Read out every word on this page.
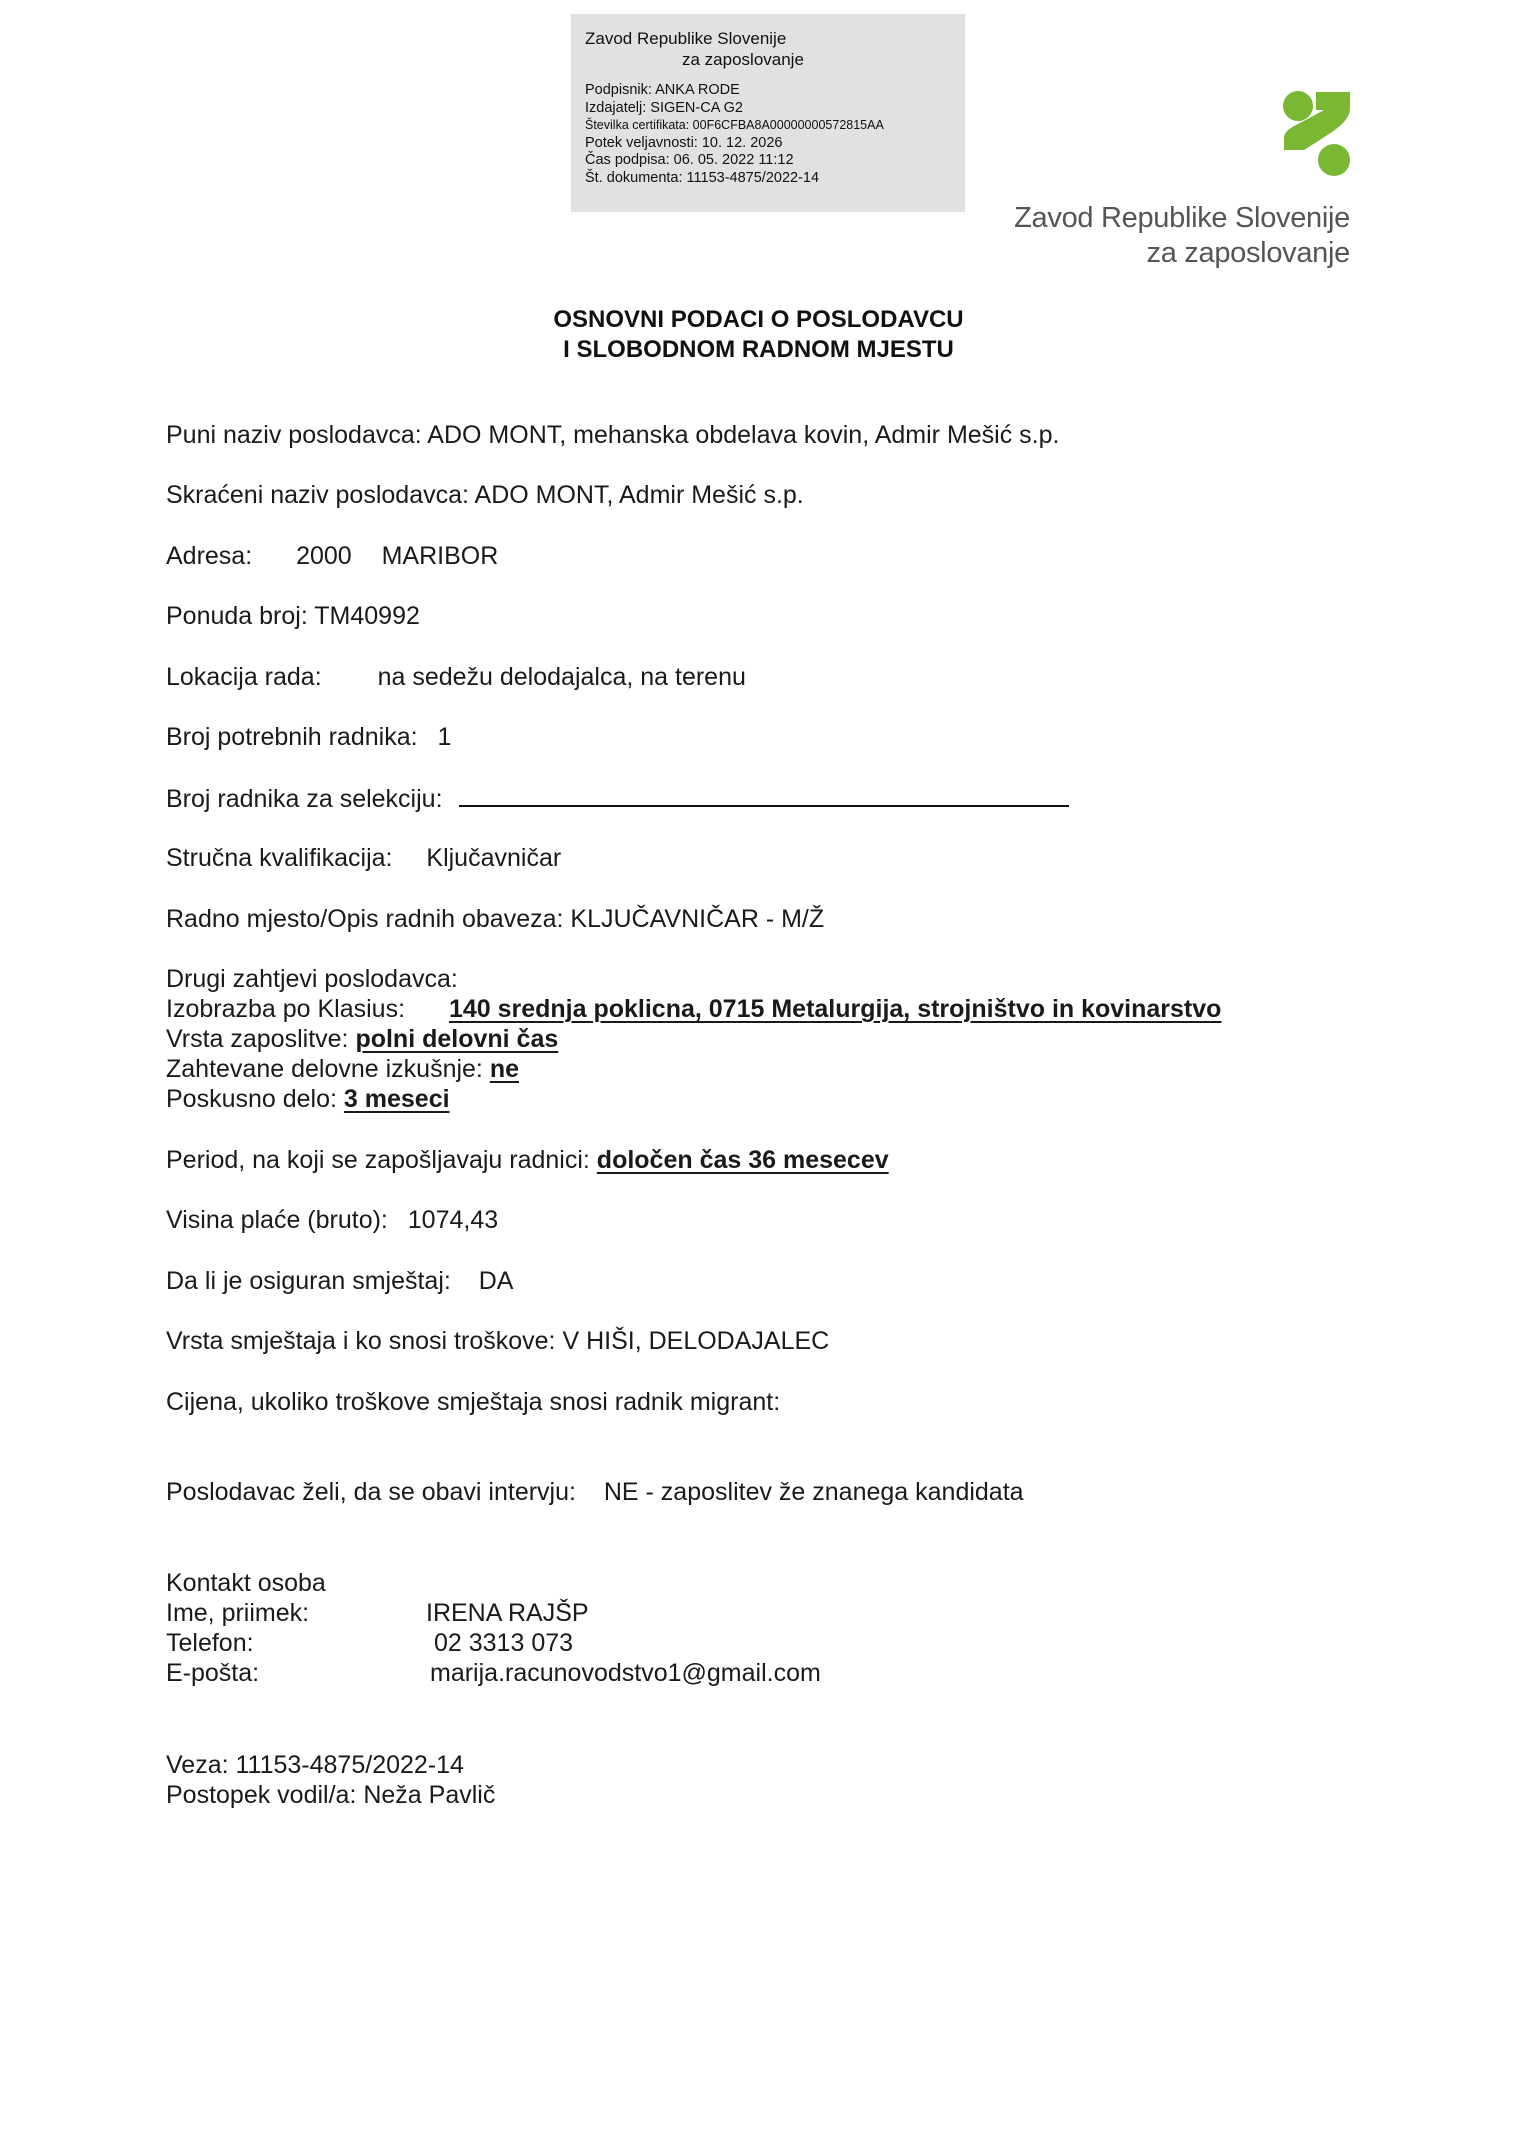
Zavod Republike Slovenije
za zaposlovanje
Podpisnik: ANKA RODE
Izdajatelj: SIGEN-CA G2
Številka certifikata: 00F6CFBA8A00000000572815AA
Potek veljavnosti: 10. 12. 2026
Čas podpisa: 06. 05. 2022 11:12
Št. dokumenta: 11153-4875/2022-14
Zavod Republike Slovenije
za zaposlovanje
OSNOVNI PODACI O POSLODAVCU
I SLOBODNOM RADNOM MJESTU
Puni naziv poslodavca: ADO MONT, mehanska obdelava kovin, Admir Mešić s.p.
Skraćeni naziv poslodavca: ADO MONT, Admir Mešić s.p.
Adresa: 2000 MARIBOR
Ponuda broj: TM40992
Lokacija rada: na sedežu delodajalca, na terenu
Broj potrebnih radnika: 1
Broj radnika za selekciju:
Stručna kvalifikacija: Ključavničar
Radno mjesto/Opis radnih obaveza: KLJUČAVNIČAR - M/Ž
Drugi zahtjevi poslodavca:
Izobrazba po Klasius: 140 srednja poklicna, 0715 Metalurgija, strojništvo in kovinarstvo
Vrsta zaposlitve: polni delovni čas
Zahtevane delovne izkušnje: ne
Poskusno delo: 3 meseci
Period, na koji se zapošljavaju radnici: določen čas 36 mesecev
Visina plaće (bruto): 1074,43
Da li je osiguran smještaj: DA
Vrsta smještaja i ko snosi troškove: V HIŠI, DELODAJALEC
Cijena, ukoliko troškove smještaja snosi radnik migrant:
Poslodavac želi, da se obavi intervju: NE - zaposlitev že znanega kandidata
Kontakt osoba
Ime, priimek:	IRENA RAJŠP
Telefon:	02 3313 073
E-pošta:	marija.racunovodstvo1@gmail.com
Veza: 11153-4875/2022-14
Postopek vodil/a: Neža Pavlič
